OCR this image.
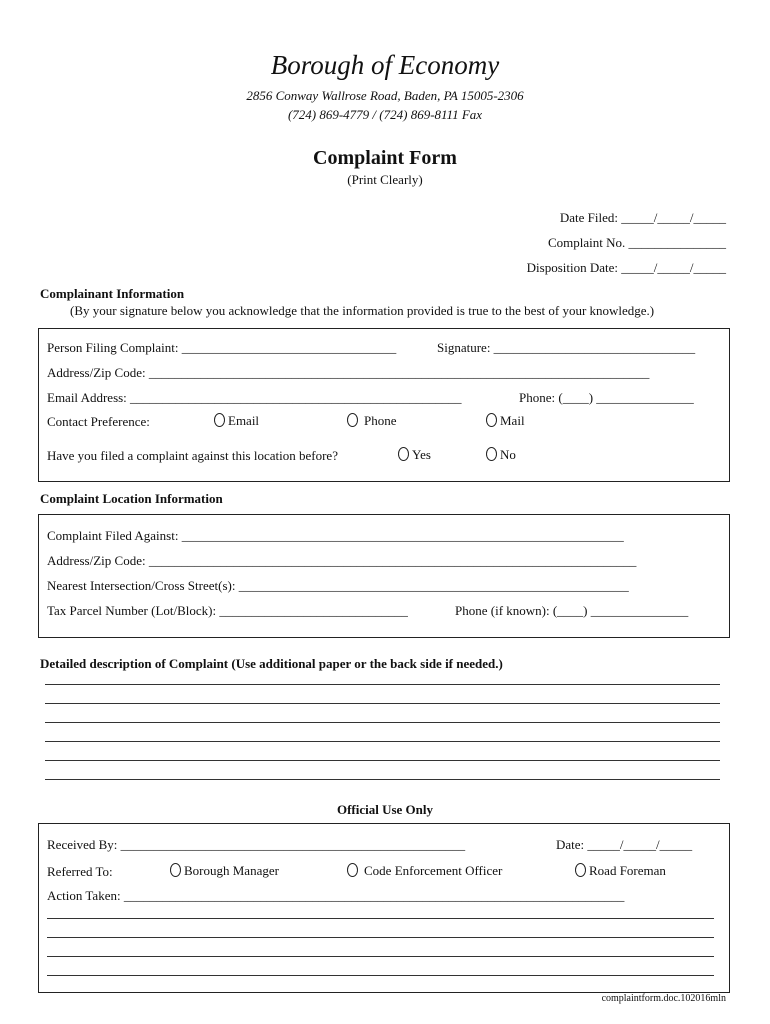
Borough of Economy
2856 Conway Wallrose Road, Baden, PA 15005-2306
(724) 869-4779 / (724) 869-8111 Fax
Complaint Form
(Print Clearly)
Date Filed: _____/_____/_____
Complaint No. _______________
Disposition Date: _____/_____/_____
Complainant Information
(By your signature below you acknowledge that the information provided is true to the best of your knowledge.)
Person Filing Complaint: _________________________________	Signature: _______________________________
Address/Zip Code: _____________________________________________________________________________
Email Address: ___________________________________________________	Phone: (____) _______________
Contact Preference:	Email	Phone	Mail
Have you filed a complaint against this location before?	Yes	No
Complaint Location Information
Complaint Filed Against: ____________________________________________________________________
Address/Zip Code: ___________________________________________________________________________
Nearest Intersection/Cross Street(s): ____________________________________________________________
Tax Parcel Number (Lot/Block): _____________________________	Phone (if known): (____) _______________
Detailed description of Complaint (Use additional paper or the back side if needed.)
Official Use Only
Received By: _____________________________________________________	Date: _____/_____/_____
Referred To:	Borough Manager	Code Enforcement Officer	Road Foreman
Action Taken: _____________________________________________________________________________
complaintform.doc.102016mln
